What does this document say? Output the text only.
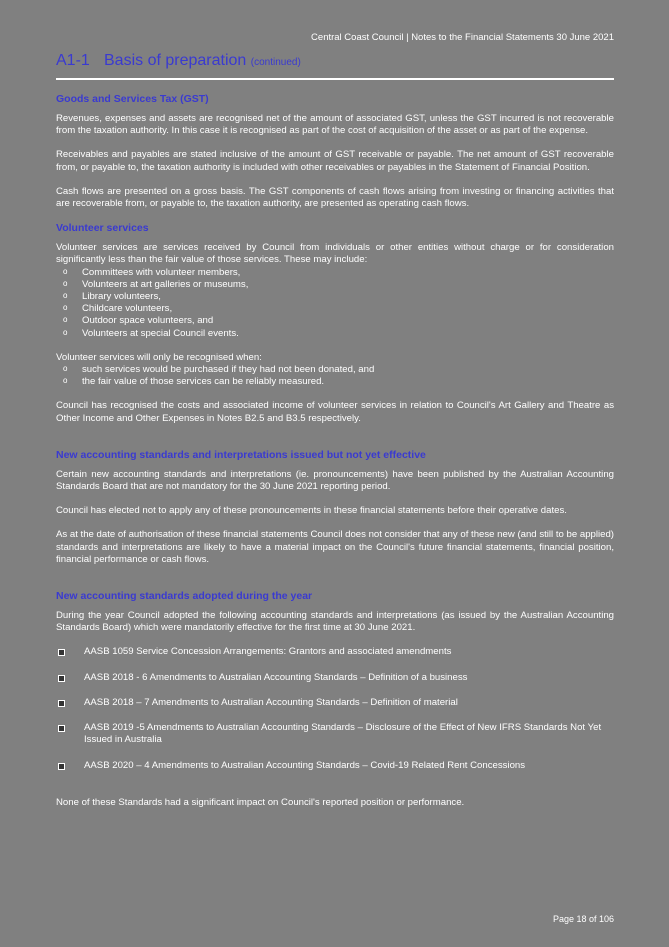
Central Coast Council | Notes to the Financial Statements 30 June 2021
A1-1 Basis of preparation (continued)
Goods and Services Tax (GST)

Revenues, expenses and assets are recognised net of the amount of associated GST, unless the GST incurred is not recoverable from the taxation authority. In this case it is recognised as part of the cost of acquisition of the asset or as part of the expense.

Receivables and payables are stated inclusive of the amount of GST receivable or payable. The net amount of GST recoverable from, or payable to, the taxation authority is included with other receivables or payables in the Statement of Financial Position.

Cash flows are presented on a gross basis. The GST components of cash flows arising from investing or financing activities that are recoverable from, or payable to, the taxation authority, are presented as operating cash flows.

Volunteer services

Volunteer services are services received by Council from individuals or other entities without charge or for consideration significantly less than the fair value of those services. These may include:

o Committees with volunteer members,
o Volunteers at art galleries or museums,
o Library volunteers,
o Childcare volunteers,
o Outdoor space volunteers, and
o Volunteers at special Council events.

Volunteer services will only be recognised when:

o such services would be purchased if they had not been donated, and
o the fair value of those services can be reliably measured.

Council has recognised the costs and associated income of volunteer services in relation to Council's Art Gallery and Theatre as Other Income and Other Expenses in Notes B2.5 and B3.5 respectively.

New accounting standards and interpretations issued but not yet effective

Certain new accounting standards and interpretations (ie. pronouncements) have been published by the Australian Accounting Standards Board that are not mandatory for the 30 June 2021 reporting period.

Council has elected not to apply any of these pronouncements in these financial statements before their operative dates.

As at the date of authorisation of these financial statements Council does not consider that any of these new (and still to be applied) standards and interpretations are likely to have a material impact on the Council's future financial statements, financial position, financial performance or cash flows.

New accounting standards adopted during the year

During the year Council adopted the following accounting standards and interpretations (as issued by the Australian Accounting Standards Board) which were mandatorily effective for the first time at 30 June 2021.

AASB 1059 Service Concession Arrangements: Grantors and associated amendments
AASB 2018 - 6 Amendments to Australian Accounting Standards – Definition of a business
AASB 2018 – 7 Amendments to Australian Accounting Standards – Definition of material
AASB 2019 -5 Amendments to Australian Accounting Standards – Disclosure of the Effect of New IFRS Standards Not Yet Issued in Australia
AASB 2020 – 4 Amendments to Australian Accounting Standards – Covid-19 Related Rent Concessions

None of these Standards had a significant impact on Council's reported position or performance.

Page 18 of 106
